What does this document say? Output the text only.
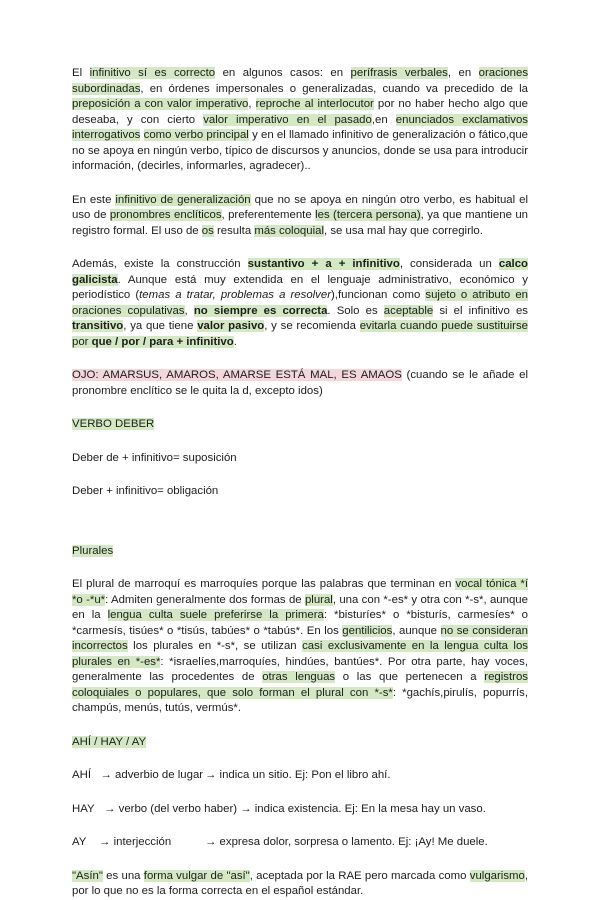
El infinitivo sí es correcto en algunos casos: en perífrasis verbales, en oraciones subordinadas, en órdenes impersonales o generalizadas, cuando va precedido de la preposición a con valor imperativo, reproche al interlocutor por no haber hecho algo que deseaba, y con cierto valor imperativo en el pasado,en enunciados exclamativos interrogativos como verbo principal y en el llamado infinitivo de generalización o fático,que no se apoya en ningún verbo, típico de discursos y anuncios, donde se usa para introducir información, (decirles, informarles, agradecer)..

En este infinitivo de generalización que no se apoya en ningún otro verbo, es habitual el uso de pronombres enclíticos, preferentemente les (tercera persona), ya que mantiene un registro formal. El uso de os resulta más coloquial, se usa mal hay que corregirlo.

Además, existe la construcción sustantivo + a + infinitivo, considerada un calco galicista. Aunque está muy extendida en el lenguaje administrativo, económico y periodístico (temas a tratar, problemas a resolver),funcionan como sujeto o atributo en oraciones copulativas, no siempre es correcta. Solo es aceptable si el infinitivo es transitivo, ya que tiene valor pasivo, y se recomienda evitarla cuando puede sustituirse por que / por / para + infinitivo.

OJO: AMARSUS, AMAROS, AMARSE ESTÁ MAL, ES AMAOS (cuando se le añade el pronombre enclítico se le quita la d, excepto idos)

VERBO DEBER

Deber de + infinitivo= suposición

Deber + infinitivo= obligación

Plurales

El plural de marroquí es marroquíes porque las palabras que terminan en vocal tónica *í *o -*u*: Admiten generalmente dos formas de plural, una con *-es* y otra con *-s*, aunque en la lengua culta suele preferirse la primera: *bisturíes* o *bisturís, carmesíes* o *carmesís, tisúes* o *tisús, tabúes* o *tabús*. En los gentilicios, aunque no se consideran incorrectos los plurales en *-s*, se utilizan casi exclusivamente en la lengua culta los plurales en *-es*: *israelíes,marroquíes, hindúes, bantúes*. Por otra parte, hay voces, generalmente las procedentes de otras lenguas o las que pertenecen a registros coloquiales o populares, que solo forman el plural con *-s*: *gachís,pirulís, popurrís, champús, menús, tutús, vermús*.

AHÍ / HAY / AY

AHÍ → adverbio de lugar → indica un sitio. Ej: Pon el libro ahí.
HAY → verbo (del verbo haber)
→ indica existencia. Ej: En la mesa hay un vaso.
AY → interjección	→ expresa dolor, sorpresa o lamento. Ej: ¡Ay! Me duele.

"Asín" es una forma vulgar de "así", aceptada por la RAE pero marcada como vulgarismo, por lo que no es la forma correcta en el español estándar.
